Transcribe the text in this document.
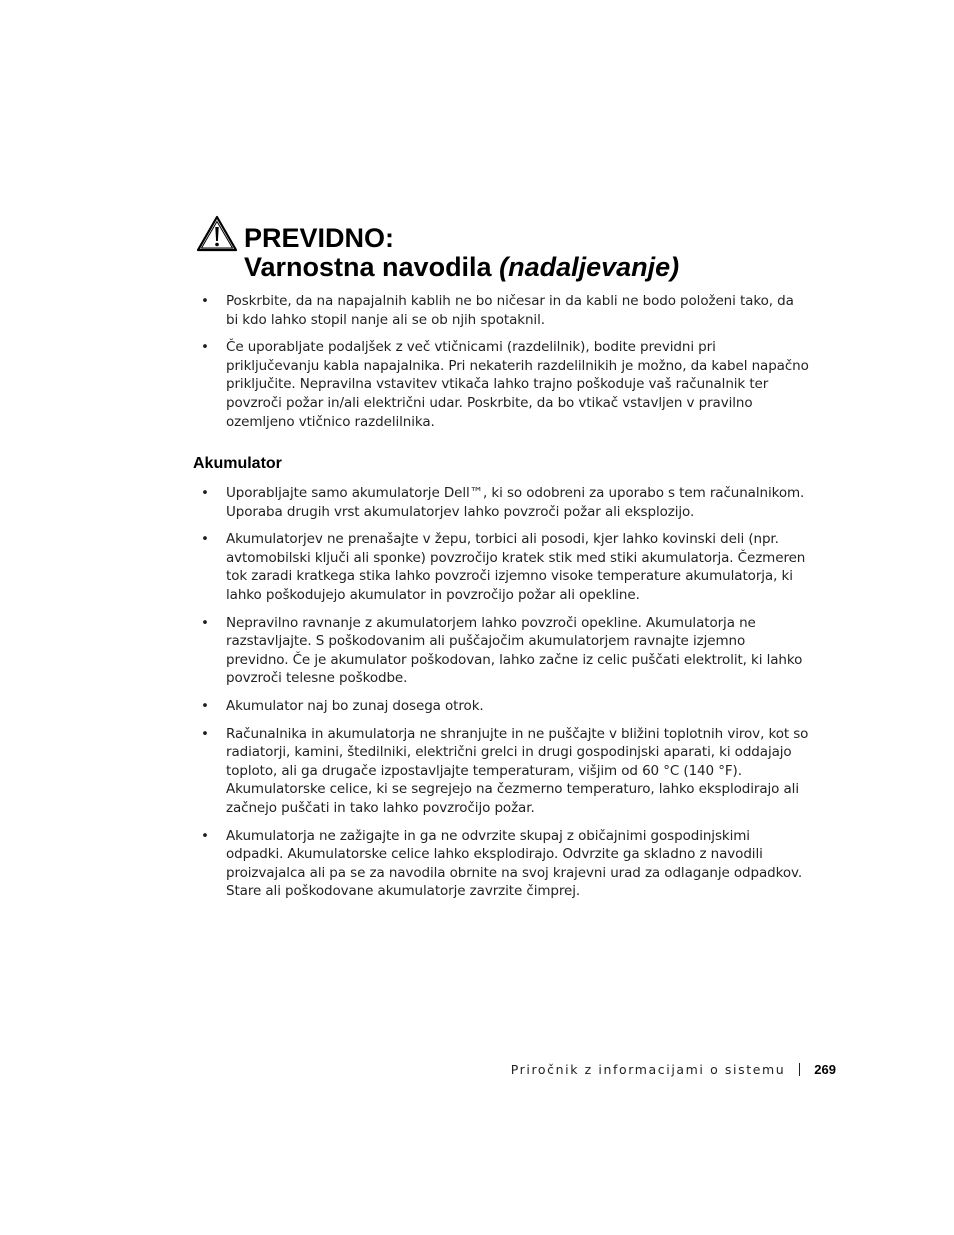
PREVIDNO:
Varnostna navodila (nadaljevanje)
• Poskrbite, da na napajalnih kablih ne bo ničesar in da kabli ne bodo položeni tako, da bi kdo lahko stopil nanje ali se ob njih spotaknil.
• Če uporabljate podaljšek z več vtičnicami (razdelilnik), bodite previdni pri priključevanju kabla napajalnika. Pri nekaterih razdelilnikih je možno, da kabel napačno priključite. Nepravilna vstavitev vtikača lahko trajno poškoduje vaš računalnik ter povzroči požar in/ali električni udar. Poskrbite, da bo vtikač vstavljen v pravilno ozemljeno vtičnico razdelilnika.
Akumulator
• Uporabljajte samo akumulatorje Dell™, ki so odobreni za uporabo s tem računalnikom. Uporaba drugih vrst akumulatorjev lahko povzroči požar ali eksplozijo.
• Akumulatorjev ne prenašajte v žepu, torbici ali posodi, kjer lahko kovinski deli (npr. avtomobilski ključi ali sponke) povzročijo kratek stik med stiki akumulatorja. Čezmeren tok zaradi kratkega stika lahko povzroči izjemno visoke temperature akumulatorja, ki lahko poškodujejo akumulator in povzročijo požar ali opekline.
• Nepravilno ravnanje z akumulatorjem lahko povzroči opekline. Akumulatorja ne razstavljajte. S poškodovanim ali puščajočim akumulatorjem ravnajte izjemno previdno. Če je akumulator poškodovan, lahko začne iz celic puščati elektrolit, ki lahko povzroči telesne poškodbe.
• Akumulator naj bo zunaj dosega otrok.
• Računalnika in akumulatorja ne shranjujte in ne puščajte v bližini toplotnih virov, kot so radiatorji, kamini, štedilniki, električni grelci in drugi gospodinjski aparati, ki oddajajo toploto, ali ga drugače izpostavljajte temperaturam, višjim od 60 °C (140 °F). Akumulatorske celice, ki se segrejejo na čezmerno temperaturo, lahko eksplodirajo ali začnejo puščati in tako lahko povzročijo požar.
• Akumulatorja ne zažigajte in ga ne odvrzite skupaj z običajnimi gospodinjskimi odpadki. Akumulatorske celice lahko eksplodirajo. Odvrzite ga skladno z navodili proizvajalca ali pa se za navodila obrnite na svoj krajevni urad za odlaganje odpadkov. Stare ali poškodovane akumulatorje zavrzite čimprej.
Priročnik z informacijami o sistemu 269
